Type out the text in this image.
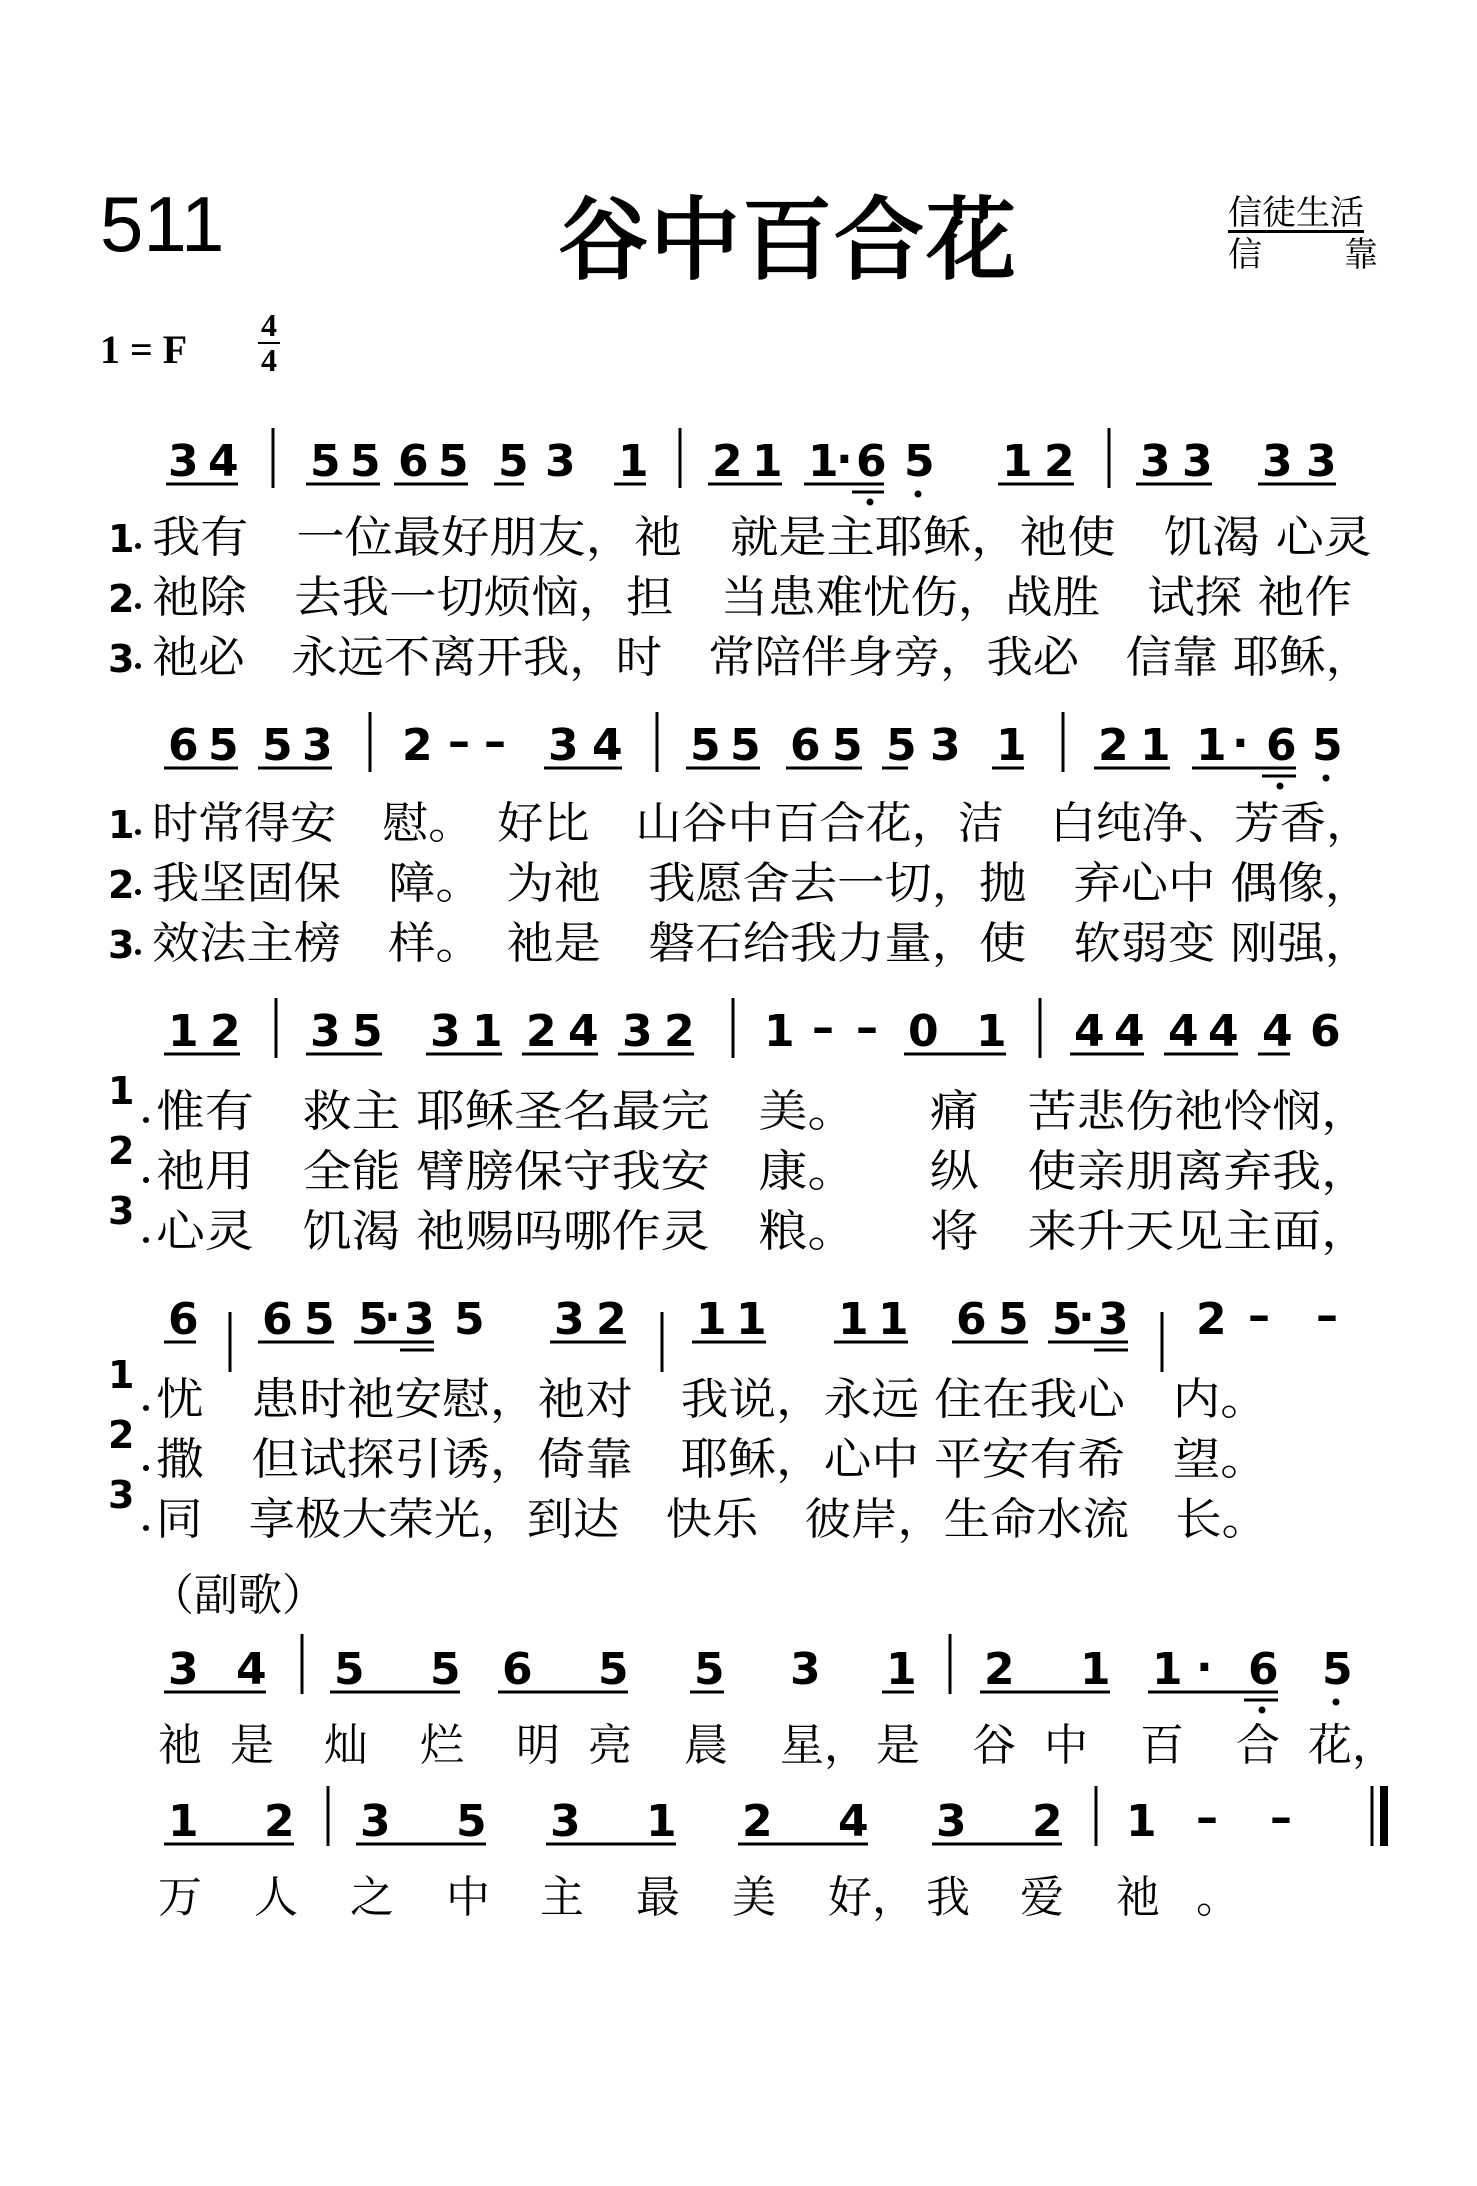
511	谷中百合花	信徒生活
信 靠
1 = F
4
4
3 4 5 5 6 5 5 3 1 2 1 1
· 6 5 1 2 3 3 3 3
1
2
3
我有　一位最好朋友，祂　就是主耶稣，祂使　饥渴 心灵
祂除　去我一切烦恼，担　当患难忧伤，战胜　试探 祂作
祂必　永远不离开我，时　常陪伴身旁，我必　信靠 耶稣，
6 5 5 3 2 – – 3 4 5 5 6 5 5 3 1 2 1 1 · 6 5
1
2
3
时常得安　慰。　好比　山谷中百合花，洁　白纯净、芳香，
我坚固保　障。　为祂　我愿舍去一切，抛　弃心中 偶像，
效法主榜　样。　祂是　磐石给我力量，使　软弱变 刚强，
1 2 3 5 3 1 2 4 3 2 1 – – 0 1 4 4 4 4 4 6
1
2
3
惟有　救主 耶稣圣名最完　美。　　痛　苦悲伤祂怜悯，
祂用　全能 臂膀保守我安　康。　　纵　使亲朋离弃我，
心灵　饥渴 祂赐吗哪作灵　粮。　　将　来升天见主面，
6 6 5 5
· 3 5 3 2 1 1 1 1 6 5 5
· 3 2 – –
1
2
3
忧　患时祂安慰，祂对　我说，永远 住在我心　内。
撒　但试探引诱，倚靠　耶稣，心中 平安有希　望。
同　享极大荣光，到达　快乐　彼岸，生命水流　长。
（副歌）
3 4 5 5 6 5 5 3 1 2 1 1 · 6 5
祂 是 灿 烂 明 亮 晨 星， 是 谷 中 百 合 花，
1 2 3 5 3 1 2 4 3 2 1 – –
万 人 之 中 主 最 美 好， 我 爱 祂 。
